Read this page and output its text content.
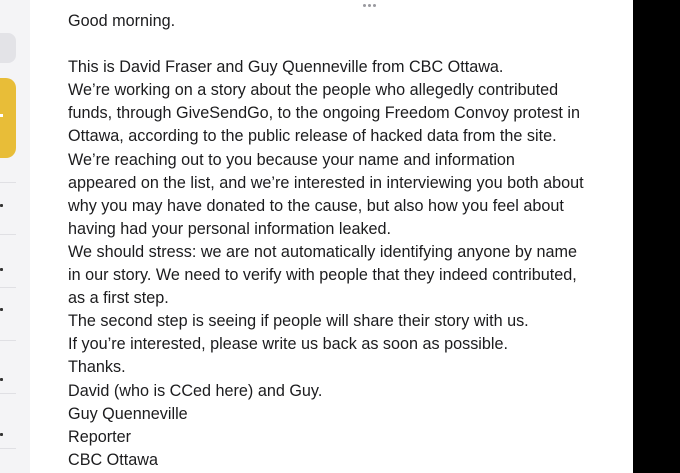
Good morning.

This is David Fraser and Guy Quenneville from CBC Ottawa.

We’re working on a story about the people who allegedly contributed

funds, through GiveSendGo, to the ongoing Freedom Convoy protest in

Ottawa, according to the public release of hacked data from the site.

We’re reaching out to you because your name and information

appeared on the list, and we’re interested in interviewing you both about

why you may have donated to the cause, but also how you feel about

having had your personal information leaked.

We should stress: we are not automatically identifying anyone by name

in our story. We need to verify with people that they indeed contributed,

as a first step.

The second step is seeing if people will share their story with us.

If you’re interested, please write us back as soon as possible.

Thanks.

David (who is CCed here) and Guy.

Guy Quenneville

Reporter

CBC Ottawa
